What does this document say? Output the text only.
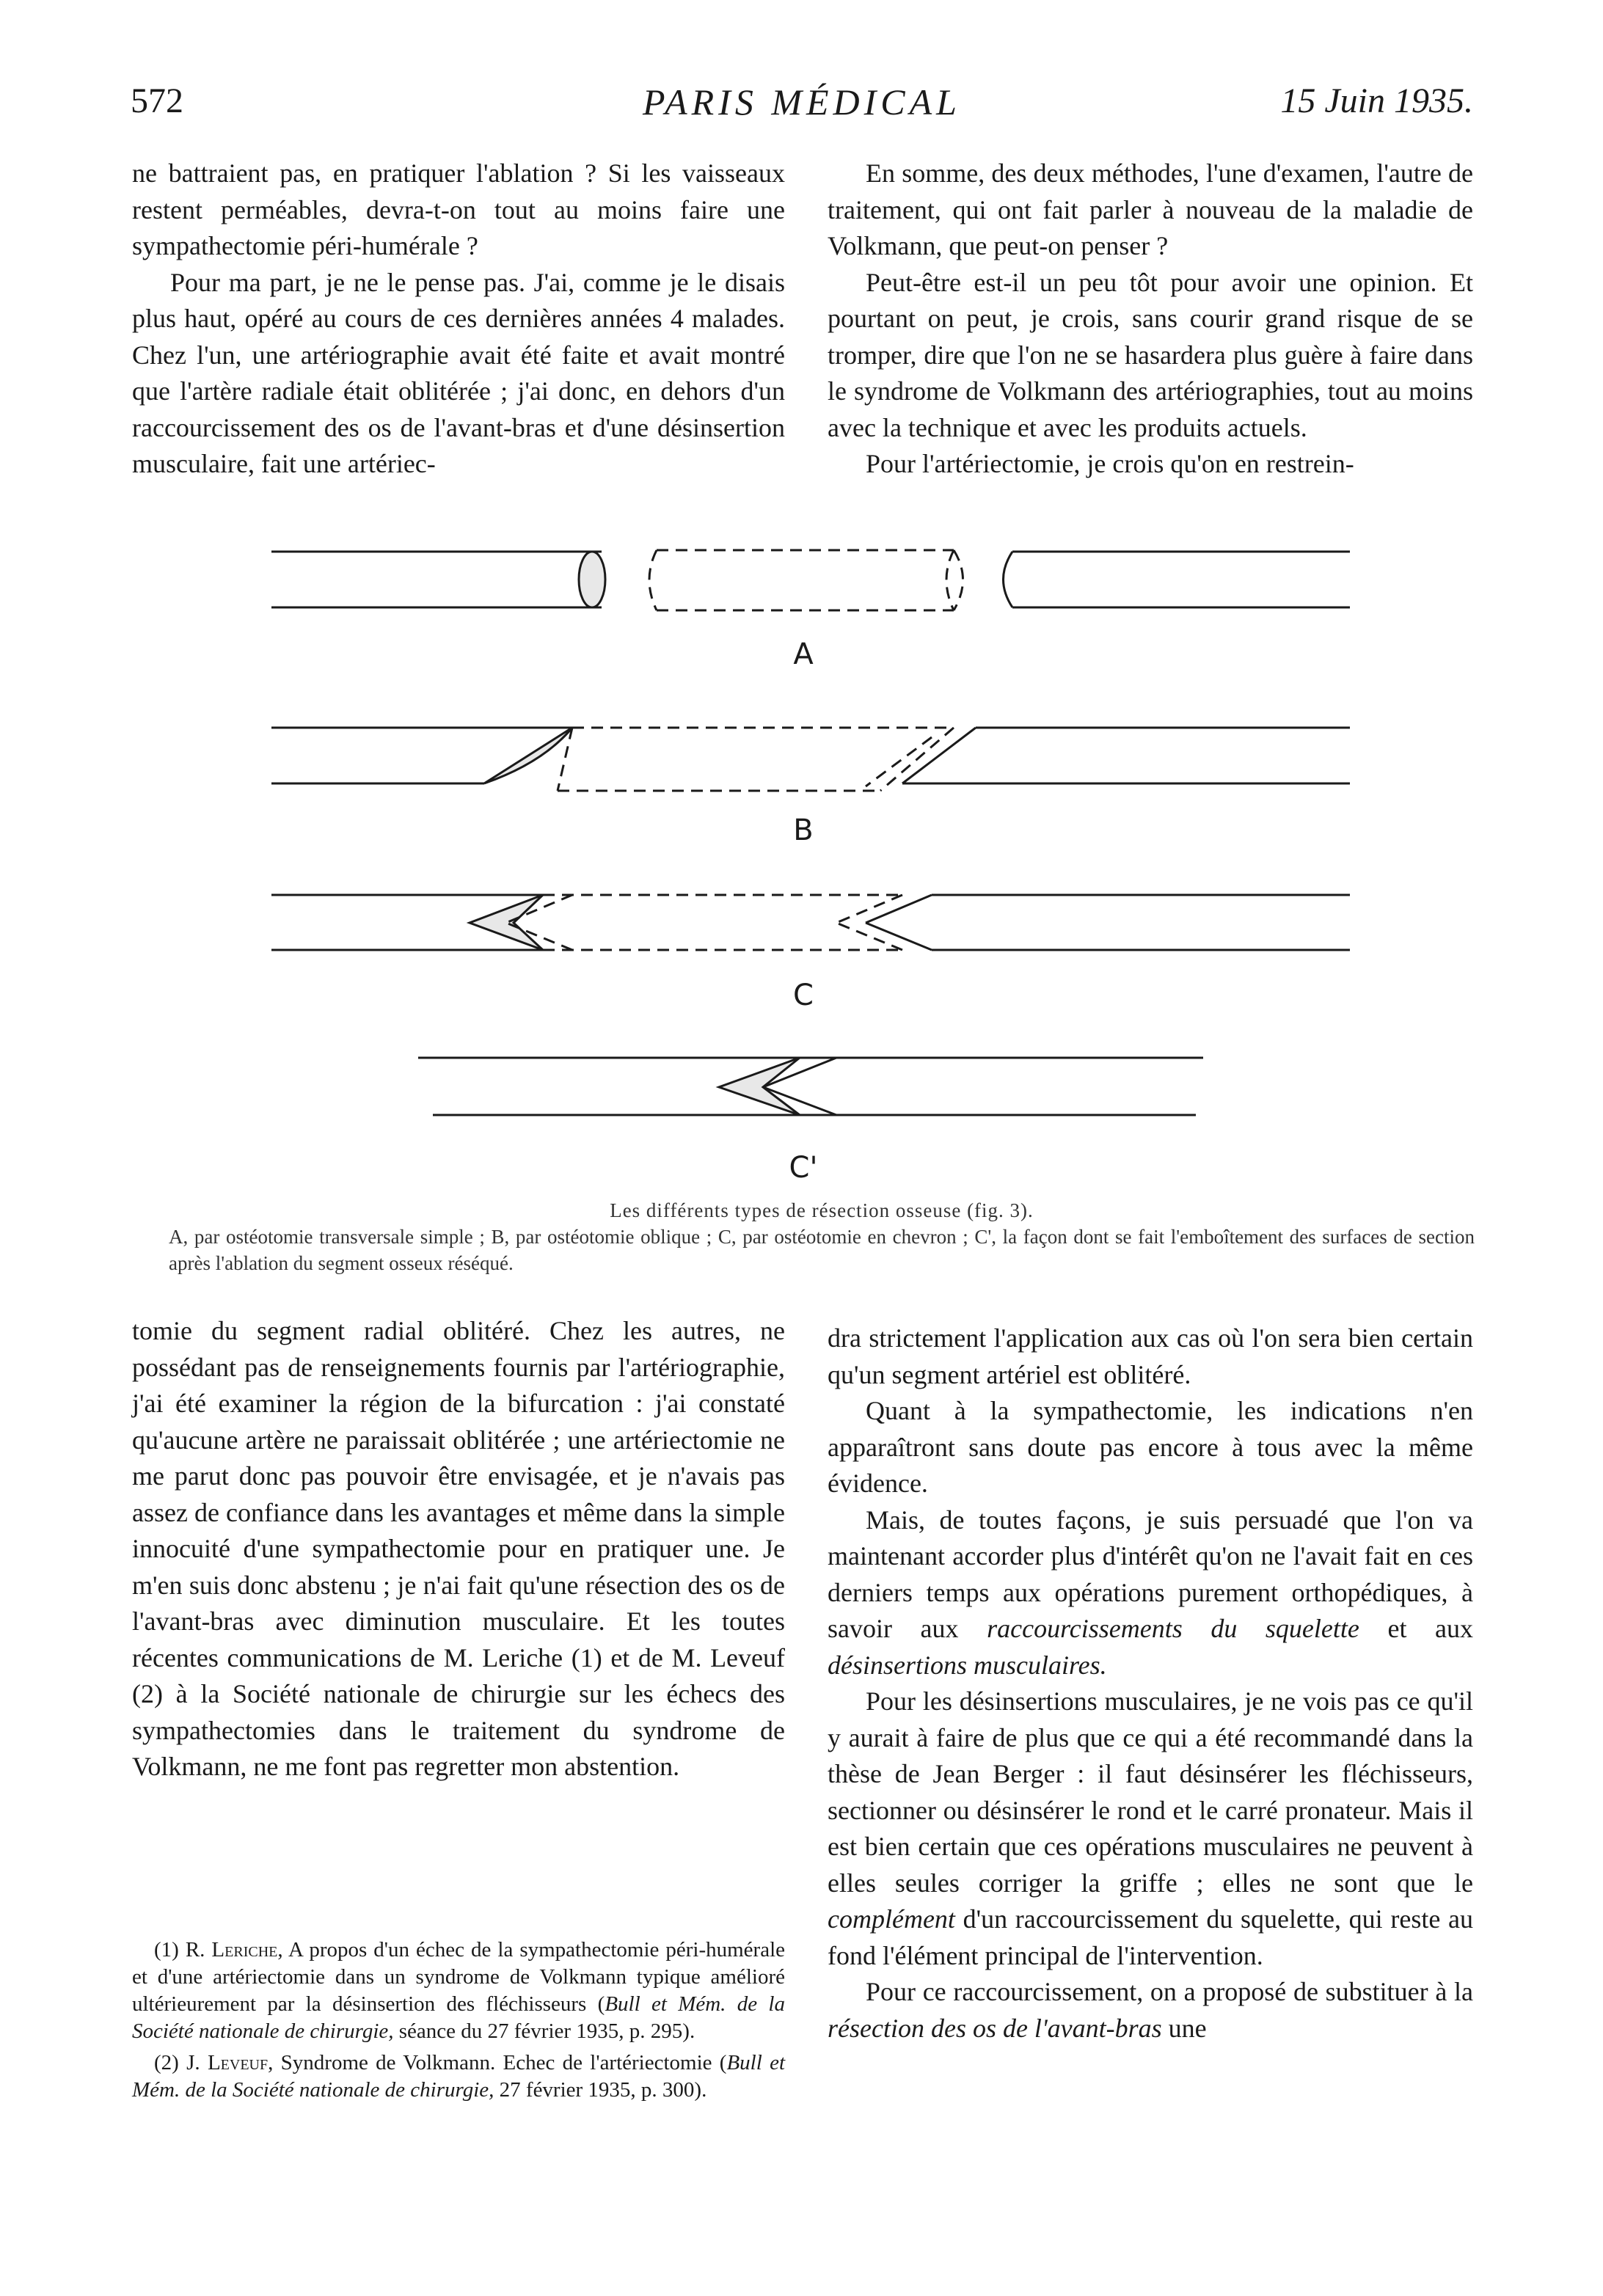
572	PARIS MÉDICAL	15 Juin 1935.

ne battraient pas, en pratiquer l'ablation ? Si les vaisseaux restent perméables, devra-t-on tout au moins faire une sympathectomie péri-humérale ?

Pour ma part, je ne le pense pas. J'ai, comme je le disais plus haut, opéré au cours de ces dernières années 4 malades. Chez l'un, une artériographie avait été faite et avait montré que l'artère radiale était oblitérée ; j'ai donc, en dehors d'un raccourcissement des os de l'avant-bras et d'une désinsertion musculaire, fait une artériec-

En somme, des deux méthodes, l'une d'examen, l'autre de traitement, qui ont fait parler à nouveau de la maladie de Volkmann, que peut-on penser ?

Peut-être est-il un peu tôt pour avoir une opinion. Et pourtant on peut, je crois, sans courir grand risque de se tromper, dire que l'on ne se hasardera plus guère à faire dans le syndrome de Volkmann des artériographies, tout au moins avec la technique et avec les produits actuels.

Pour l'artériectomie, je crois qu'on en restrein-

A
B
C
C'
Les différents types de résection osseuse (fig. 3).
A, par ostéotomie transversale simple ; B, par ostéotomie oblique ; C, par ostéotomie en chevron ; C', la façon dont se fait l'emboîtement des surfaces de section après l'ablation du segment osseux réséqué.

tomie du segment radial oblitéré. Chez les autres, ne possédant pas de renseignements fournis par l'artériographie, j'ai été examiner la région de la bifurcation : j'ai constaté qu'aucune artère ne paraissait oblitérée ; une artériectomie ne me parut donc pas pouvoir être envisagée, et je n'avais pas assez de confiance dans les avantages et même dans la simple innocuité d'une sympathectomie pour en pratiquer une. Je m'en suis donc abstenu ; je n'ai fait qu'une résection des os de l'avant-bras avec diminution musculaire. Et les toutes récentes communications de M. Leriche (1) et de M. Leveuf (2) à la Société nationale de chirurgie sur les échecs des sympathectomies dans le traitement du syndrome de Volkmann, ne me font pas regretter mon abstention.

(1) R. Leriche, A propos d'un échec de la sympathectomie péri-humérale et d'une artériectomie dans un syndrome de Volkmann typique amélioré ultérieurement par la désinsertion des fléchisseurs (Bull et Mém. de la Société nationale de chirurgie, séance du 27 février 1935, p. 295).

(2) J. Leveuf, Syndrome de Volkmann. Echec de l'artériectomie (Bull et Mém. de la Société nationale de chirurgie, 27 février 1935, p. 300).

dra strictement l'application aux cas où l'on sera bien certain qu'un segment artériel est oblitéré.

Quant à la sympathectomie, les indications n'en apparaîtront sans doute pas encore à tous avec la même évidence.

Mais, de toutes façons, je suis persuadé que l'on va maintenant accorder plus d'intérêt qu'on ne l'avait fait en ces derniers temps aux opérations purement orthopédiques, à savoir aux raccourcissements du squelette et aux désinsertions musculaires.

Pour les désinsertions musculaires, je ne vois pas ce qu'il y aurait à faire de plus que ce qui a été recommandé dans la thèse de Jean Berger : il faut désinsérer les fléchisseurs, sectionner ou désinsérer le rond et le carré pronateur. Mais il est bien certain que ces opérations musculaires ne peuvent à elles seules corriger la griffe ; elles ne sont que le complément d'un raccourcissement du squelette, qui reste au fond l'élément principal de l'intervention.

Pour ce raccourcissement, on a proposé de substituer à la résection des os de l'avant-bras une
